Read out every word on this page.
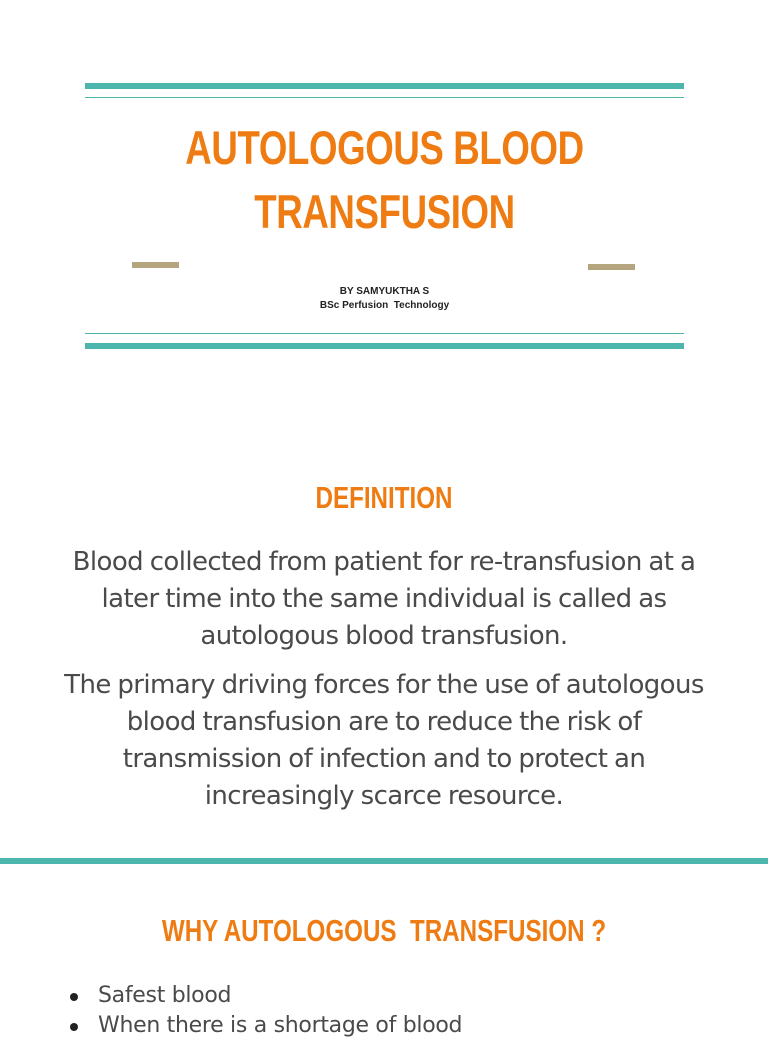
AUTOLOGOUS BLOOD TRANSFUSION
BY SAMYUKTHA S
BSc Perfusion  Technology
DEFINITION

Blood collected from patient for re-transfusion at a later time into the same individual is called as autologous blood transfusion.

The primary driving forces for the use of autologous blood transfusion are to reduce the risk of transmission of infection and to protect an increasingly scarce resource.

WHY AUTOLOGOUS  TRANSFUSION ?
Safest blood
When there is a shortage of blood
